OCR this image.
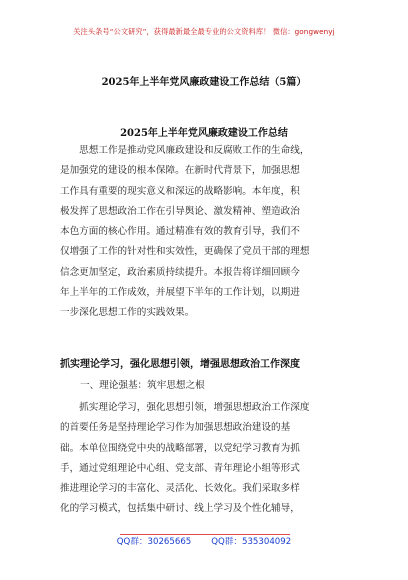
关注头条号“公文研究”，获得最新最全最专业的公文资料库！ 微信：gongwenyj
2025年上半年党风廉政建设工作总结（5篇）
2025年上半年党风廉政建设工作总结
　　思想工作是推动党风廉政建设和反腐败工作的生命线，
是加强党的建设的根本保障。在新时代背景下，加强思想
工作具有重要的现实意义和深远的战略影响。本年度，积
极发挥了思想政治工作在引导舆论、激发精神、塑造政治
本色方面的核心作用。通过精准有效的教育引导，我们不
仅增强了工作的针对性和实效性，更确保了党员干部的理想
信念更加坚定，政治素质持续提升。本报告将详细回顾今
年上半年的工作成效，并展望下半年的工作计划，以期进
一步深化思想工作的实践效果。
抓实理论学习，强化思想引领，增强思想政治工作深度
一、理论强基：筑牢思想之根
　　抓实理论学习，强化思想引领，增强思想政治工作深度
的首要任务是坚持理论学习作为加强思想政治建设的基
础。本单位围绕党中央的战略部署，以党纪学习教育为抓
手，通过党组理论中心组、党支部、青年理论小组等形式
推进理论学习的丰富化、灵活化、长效化。我们采取多样
化的学习模式，包括集中研讨、线上学习及个性化辅导，
QQ群：30265665 QQ群：535304092
